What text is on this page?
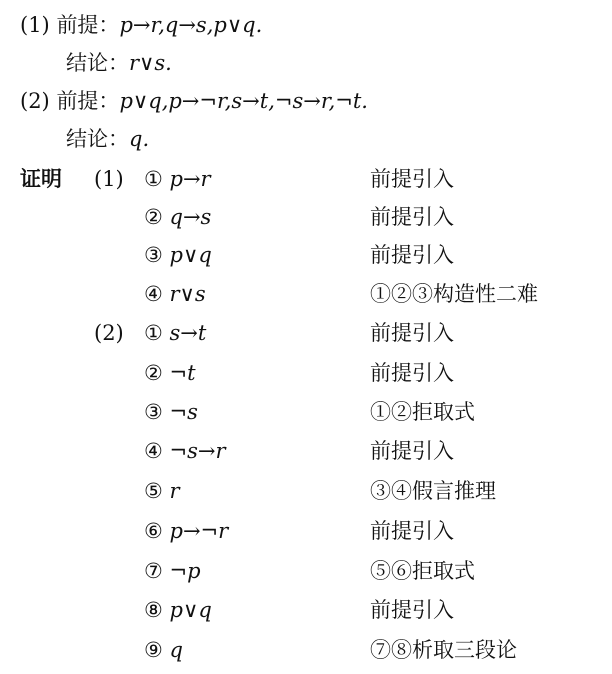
(1) 前提：p→r,q→s,p∨q.
结论：r∨s.
(2) 前提：p∨q,p→¬r,s→t,¬s→r,¬t.
结论：q.
证明 (1) ① p→r	前提引入
② q→s	前提引入
③ p∨q	前提引入
④ r∨s	①②③构造性二难
(2) ① s→t	前提引入
② ¬t	前提引入
③ ¬s	①②拒取式
④ ¬s→r	前提引入
⑤ r	③④假言推理
⑥ p→¬r	前提引入
⑦ ¬p	⑤⑥拒取式
⑧ p∨q	前提引入
⑨ q	⑦⑧析取三段论
